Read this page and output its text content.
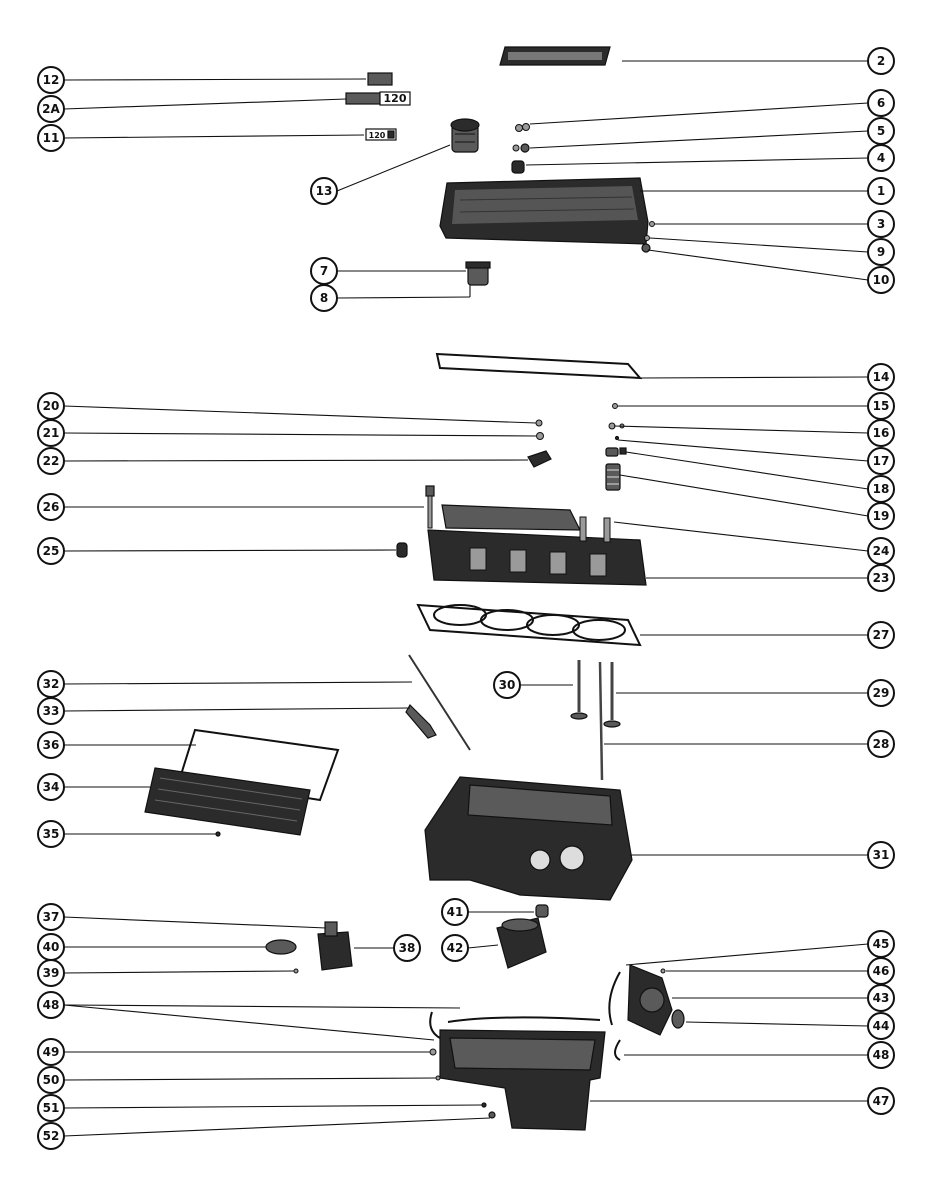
120
120
2
12
2A
11
6
5
4
13	1
3
9
10
7
8
14
20	15
21	16
22	17
18
26
19
25	24
23
27
32	30
29
33
36	28
34
35
31
41
37
40	38	42	45
39	46
43
48
44
49	48
50
51	47
52
